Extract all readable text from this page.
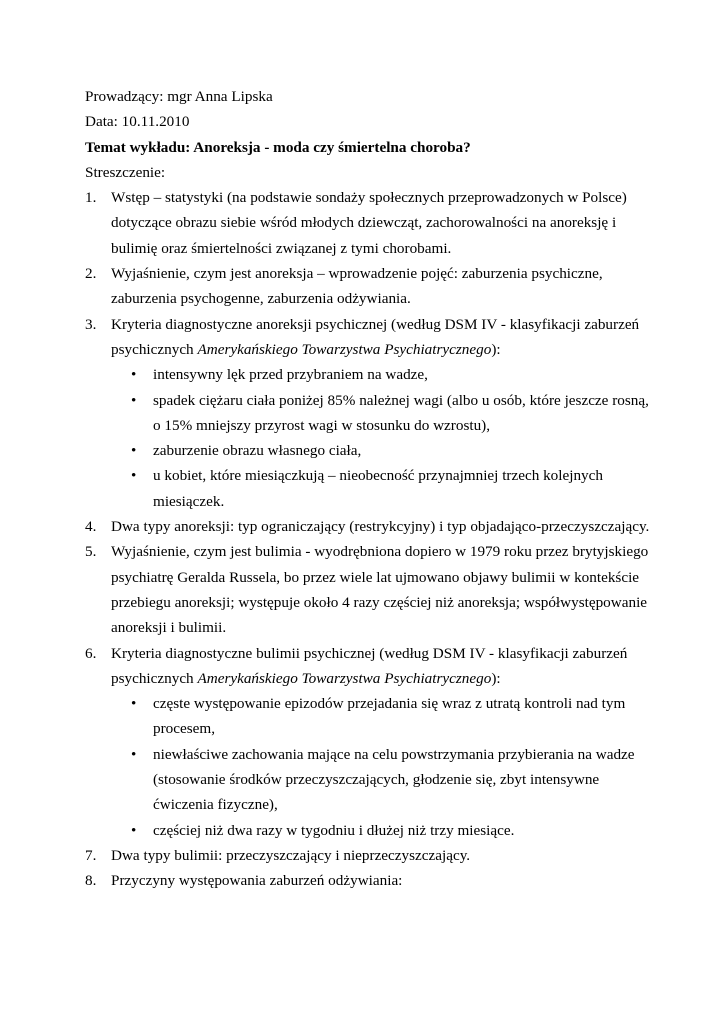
Prowadzący: mgr Anna Lipska

Data: 10.11.2010

Temat wykładu: Anoreksja - moda czy śmiertelna choroba?

Streszczenie:

1. Wstęp – statystyki (na podstawie sondaży społecznych przeprowadzonych w Polsce)

dotyczące obrazu siebie wśród młodych dziewcząt, zachorowalności na anoreksję i

bulimię oraz śmiertelności związanej z tymi chorobami.

2. Wyjaśnienie, czym jest anoreksja – wprowadzenie pojęć: zaburzenia psychiczne,

zaburzenia psychogenne, zaburzenia odżywiania.

3. Kryteria diagnostyczne anoreksji psychicznej (według DSM IV - klasyfikacji zaburzeń

psychicznych Amerykańskiego Towarzystwa Psychiatrycznego):

• intensywny lęk przed przybraniem na wadze,

• spadek ciężaru ciała poniżej 85% należnej wagi (albo u osób, które jeszcze rosną,

o 15% mniejszy przyrost wagi w stosunku do wzrostu),

• zaburzenie obrazu własnego ciała,

• u kobiet, które miesiączkują – nieobecność przynajmniej trzech kolejnych

miesiączek.

4. Dwa typy anoreksji: typ ograniczający (restrykcyjny) i typ objadająco-przeczyszczający.

5. Wyjaśnienie, czym jest bulimia - wyodrębniona dopiero w 1979 roku przez brytyjskiego

psychiatrę Geralda Russela, bo przez wiele lat ujmowano objawy bulimii w kontekście

przebiegu anoreksji; występuje około 4 razy częściej niż anoreksja; współwystępowanie

anoreksji i bulimii.

6. Kryteria diagnostyczne bulimii psychicznej (według DSM IV - klasyfikacji zaburzeń

psychicznych Amerykańskiego Towarzystwa Psychiatrycznego):

• częste występowanie epizodów przejadania się wraz z utratą kontroli nad tym

procesem,

• niewłaściwe zachowania mające na celu powstrzymania przybierania na wadze

(stosowanie środków przeczyszczających, głodzenie się, zbyt intensywne

ćwiczenia fizyczne),

• częściej niż dwa razy w tygodniu i dłużej niż trzy miesiące.

7. Dwa typy bulimii: przeczyszczający i nieprzeczyszczający.

8. Przyczyny występowania zaburzeń odżywiania:
